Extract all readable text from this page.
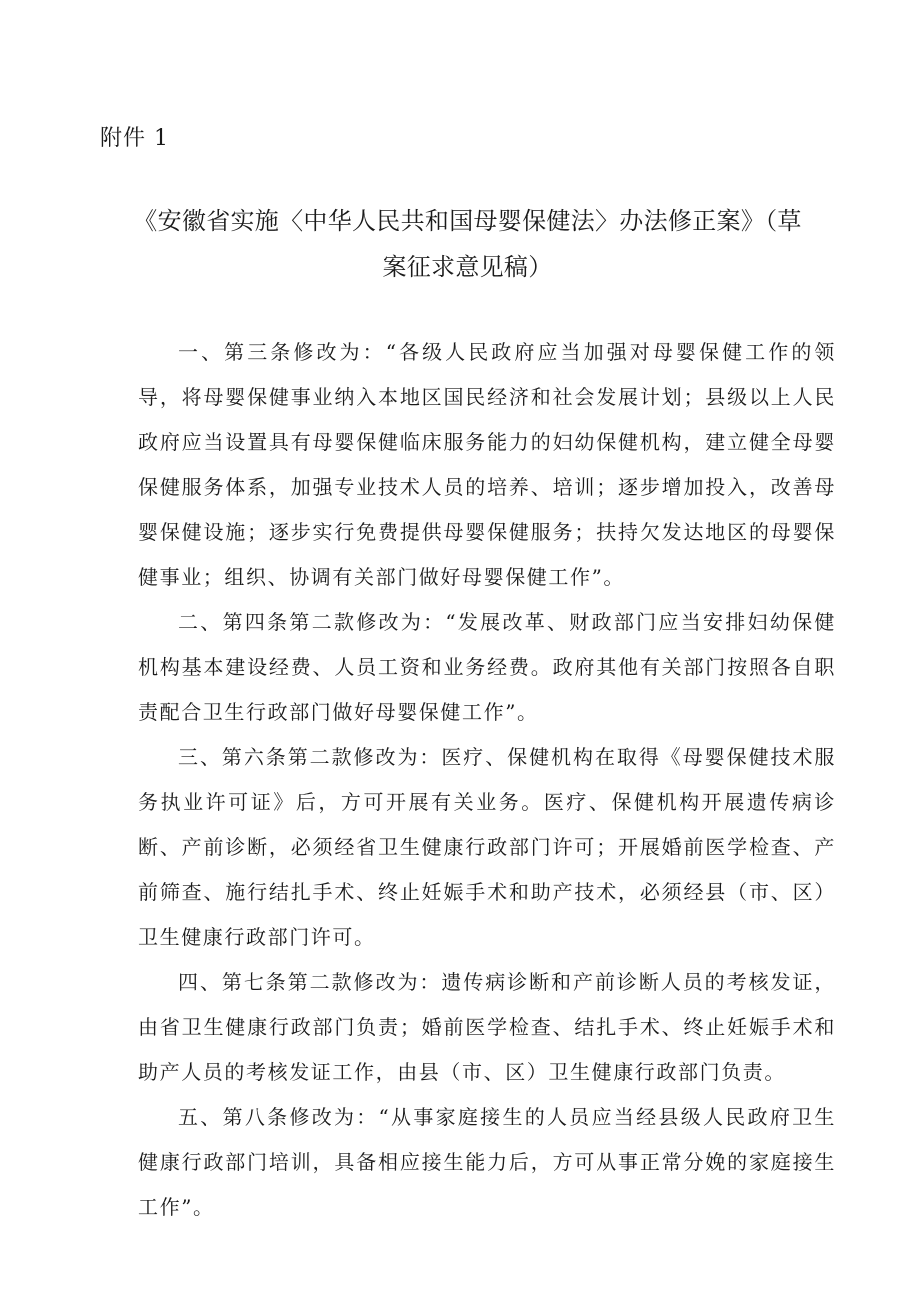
附件 1
《安徽省实施〈中华人民共和国母婴保健法〉办法修正案》（草
案征求意见稿）

一、第三条修改为：“各级人民政府应当加强对母婴保健工作的领导，将母婴保健事业纳入本地区国民经济和社会发展计划；县级以上人民政府应当设置具有母婴保健临床服务能力的妇幼保健机构，建立健全母婴保健服务体系，加强专业技术人员的培养、培训；逐步增加投入，改善母婴保健设施；逐步实行免费提供母婴保健服务；扶持欠发达地区的母婴保健事业；组织、协调有关部门做好母婴保健工作”。

二、第四条第二款修改为：“发展改革、财政部门应当安排妇幼保健机构基本建设经费、人员工资和业务经费。政府其他有关部门按照各自职责配合卫生行政部门做好母婴保健工作”。

三、第六条第二款修改为：医疗、保健机构在取得《母婴保健技术服务执业许可证》后，方可开展有关业务。医疗、保健机构开展遗传病诊断、产前诊断，必须经省卫生健康行政部门许可；开展婚前医学检查、产前筛查、施行结扎手术、终止妊娠手术和助产技术，必须经县（市、区）卫生健康行政部门许可。

四、第七条第二款修改为：遗传病诊断和产前诊断人员的考核发证，由省卫生健康行政部门负责；婚前医学检查、结扎手术、终止妊娠手术和助产人员的考核发证工作，由县（市、区）卫生健康行政部门负责。

五、第八条修改为：“从事家庭接生的人员应当经县级人民政府卫生健康行政部门培训，具备相应接生能力后，方可从事正常分娩的家庭接生工作”。
